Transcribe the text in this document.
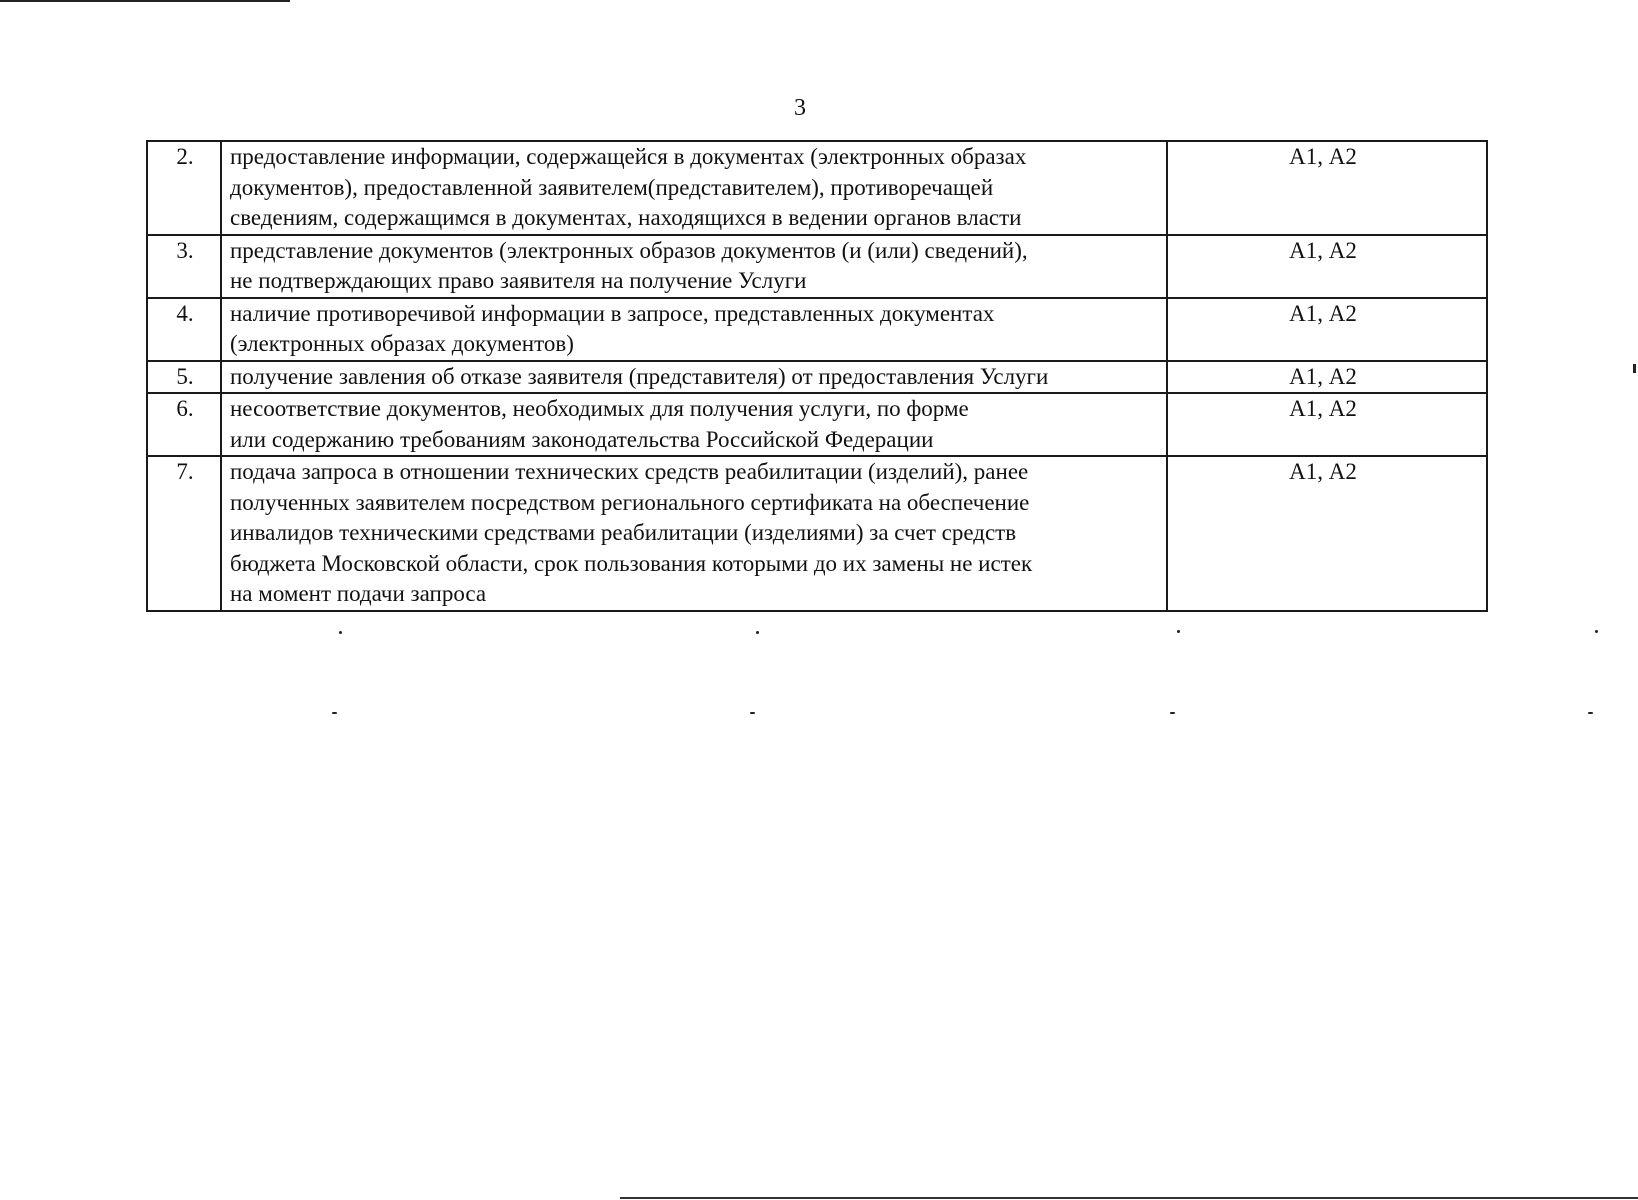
3
2.	предоставление информации, содержащейся в документах (электронных образах
документов), предоставленной заявителем(представителем), противоречащей
сведениям, содержащимся в документах, находящихся в ведении органов власти	А1, А2
3.	представление документов (электронных образов документов (и (или) сведений),
не подтверждающих право заявителя на получение Услуги	А1, А2
4.	наличие противоречивой информации в запросе, представленных документах
(электронных образах документов)	А1, А2
5.	получение завления об отказе заявителя (представителя) от предоставления Услуги	А1, А2
6.	несоответствие документов, необходимых для получения услуги, по форме
или содержанию требованиям законодательства Российской Федерации	А1, А2
7.	подача запроса в отношении технических средств реабилитации (изделий), ранее
полученных заявителем посредством регионального сертификата на обеспечение
инвалидов техническими средствами реабилитации (изделиями) за счет средств
бюджета Московской области, срок пользования которыми до их замены не истек
на момент подачи запроса	А1, А2
